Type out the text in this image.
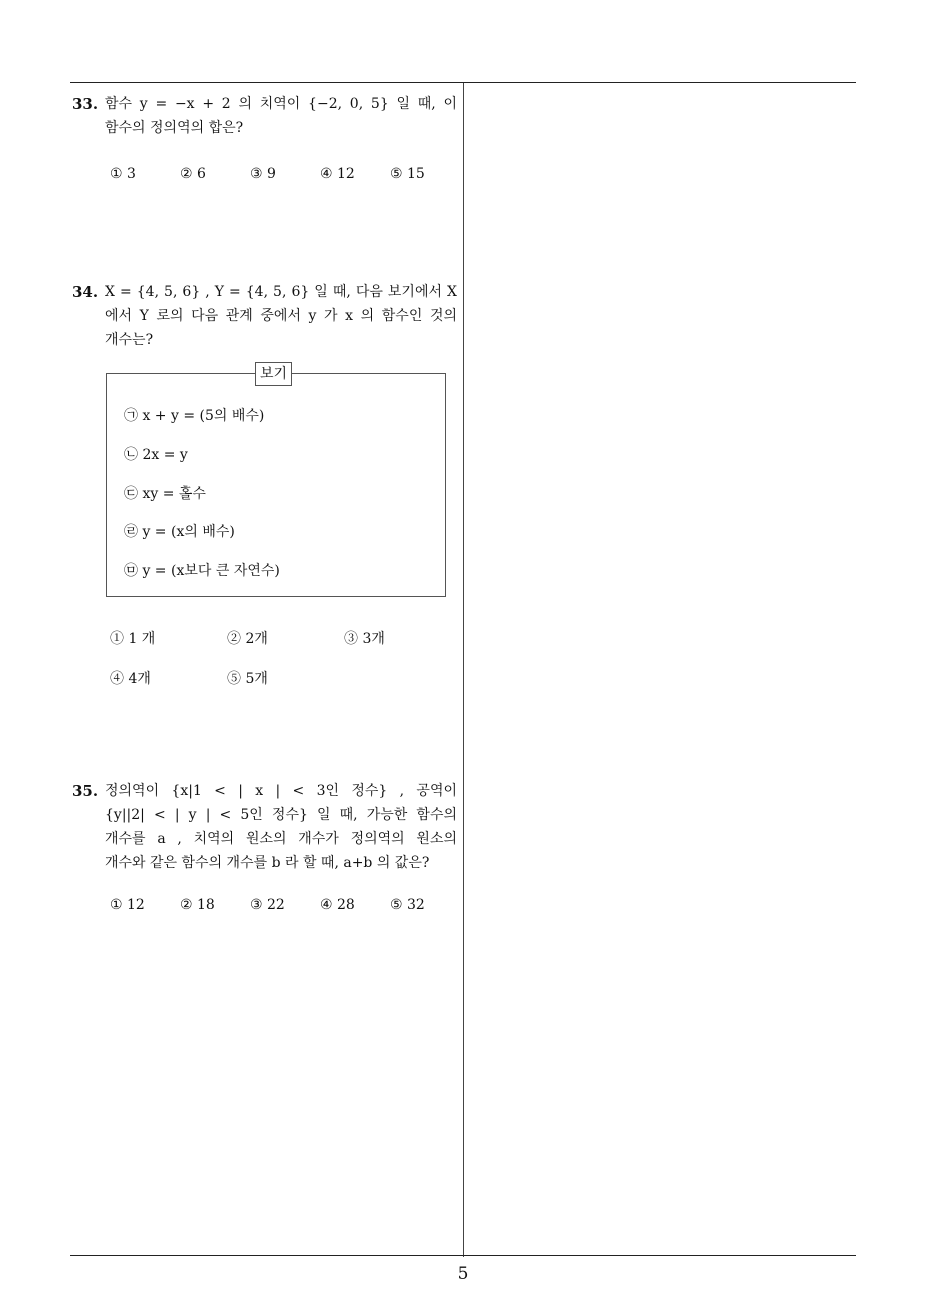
33. 함수 y = −x + 2 의 치역이 {−2, 0, 5} 일 때, 이
함수의 정의역의 합은?
① 3	② 6	③ 9	④ 12	⑤ 15
34. X = {4, 5, 6} , Y = {4, 5, 6} 일 때, 다음 보기에서 X
에서 Y 로의 다음 관계 중에서 y 가 x 의 함수인 것의
개수는?
보기
㉠ x + y = (5의 배수)
㉡ 2x = y
㉢ xy = 홀수
㉣ y = (x의 배수)
㉤ y = (x보다 큰 자연수)
① 1 개	② 2개	③ 3개
④ 4개	⑤ 5개
35. 정의역이 {x|1 < | x | < 3인 정수} , 공역이
{y||2| < | y | < 5인 정수} 일 때, 가능한 함수의
개수를 a , 치역의 원소의 개수가 정의역의 원소의
개수와 같은 함수의 개수를 b 라 할 때, a+b 의 값은?
① 12	② 18	③ 22	④ 28	⑤ 32
5
